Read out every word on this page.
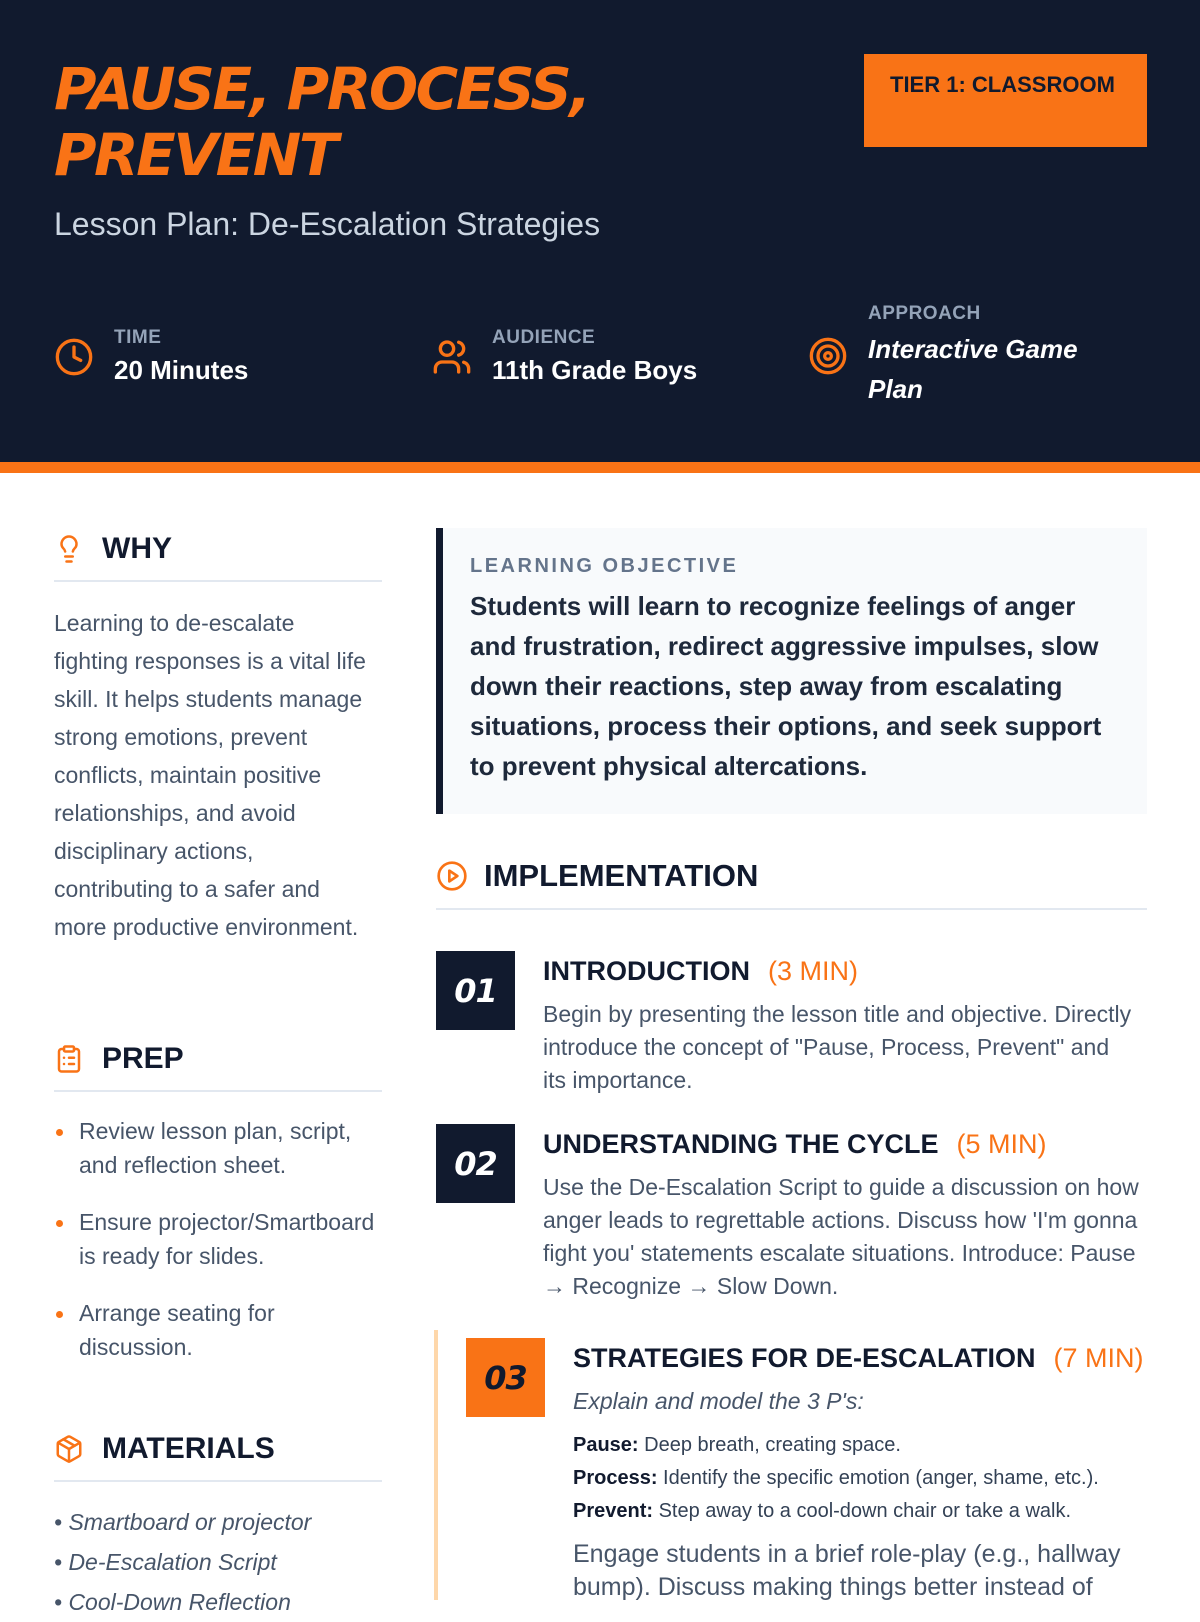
PAUSE, PROCESS, PREVENT
Lesson Plan: De-Escalation Strategies
TIER 1: CLASSROOM
TIME
20 Minutes
AUDIENCE
11th Grade Boys
APPROACH
Interactive Game Plan
WHY
Learning to de-escalate fighting responses is a vital life skill. It helps students manage strong emotions, prevent conflicts, maintain positive relationships, and avoid disciplinary actions, contributing to a safer and more productive environment.
PREP
Review lesson plan, script, and reflection sheet.
Ensure projector/Smartboard is ready for slides.
Arrange seating for discussion.
MATERIALS
• Smartboard or projector
• De-Escalation Script
• Cool-Down Reflection
LEARNING OBJECTIVE
Students will learn to recognize feelings of anger and frustration, redirect aggressive impulses, slow down their reactions, step away from escalating situations, process their options, and seek support to prevent physical altercations.
IMPLEMENTATION
01
INTRODUCTION (3 MIN)
Begin by presenting the lesson title and objective. Directly introduce the concept of "Pause, Process, Prevent" and its importance.
02
UNDERSTANDING THE CYCLE (5 MIN)
Use the De-Escalation Script to guide a discussion on how anger leads to regrettable actions. Discuss how 'I'm gonna fight you' statements escalate situations. Introduce: Pause → Recognize → Slow Down.
03
STRATEGIES FOR DE-ESCALATION (7 MIN)
Explain and model the 3 P's:
Pause: Deep breath, creating space.
Process: Identify the specific emotion (anger, shame, etc.).
Prevent: Step away to a cool-down chair or take a walk.
Engage students in a brief role-play (e.g., hallway bump). Discuss making things better instead of
